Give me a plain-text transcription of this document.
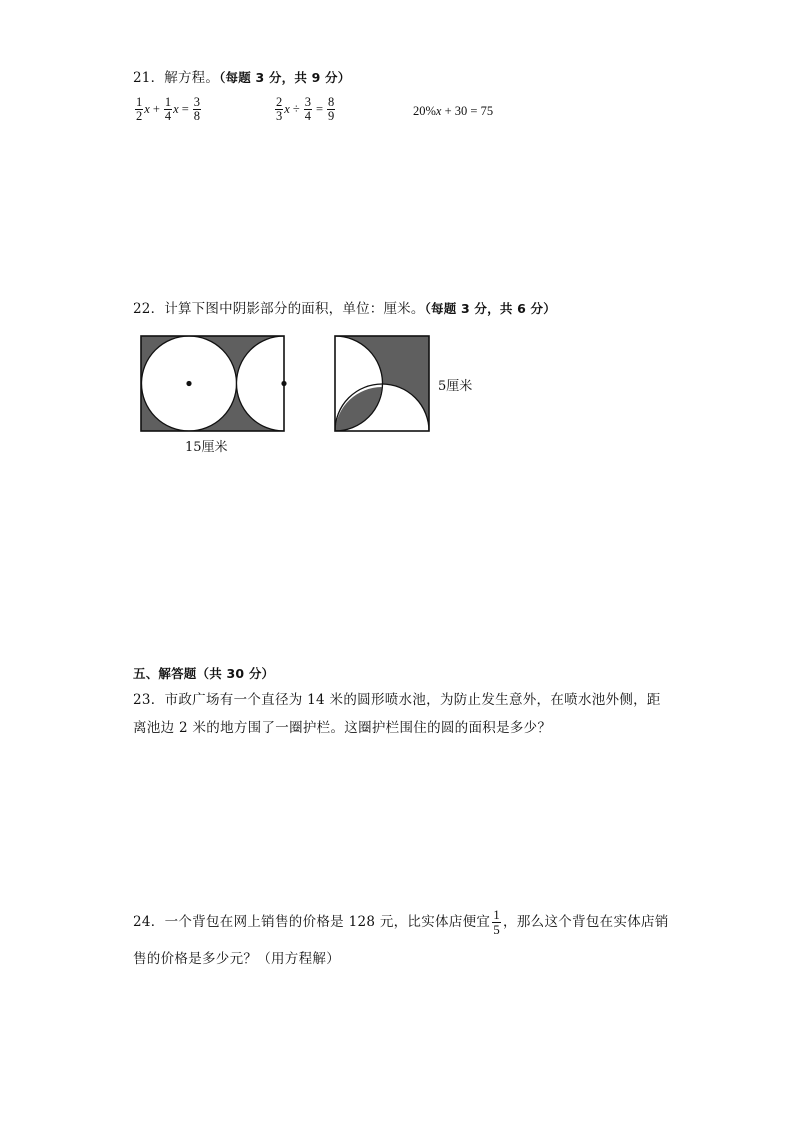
21．解方程。（每题 3 分，共 9 分）
$\frac{1}{2}$ $x + \frac{1}{4}$ $x = \frac{3}{8}$	$\frac{2}{3}$ $x \div \frac{3}{4} = \frac{8}{9}$	20% x + 30 = 75
22．计算下图中阴影部分的面积，单位：厘米。（每题 3 分，共 6 分）
15厘米
5厘米
五、解答题（共 30 分）
23．市政广场有一个直径为 14 米的圆形喷水池，为防止发生意外，在喷水池外侧，距
离池边 2 米的地方围了一圈护栏。这圈护栏围住的圆的面积是多少？
24．一个背包在网上销售的价格是 128 元，比实体店便宜 $\frac{1}{5}$ ，那么这个背包在实体店销
售的价格是多少元？（用方程解）
